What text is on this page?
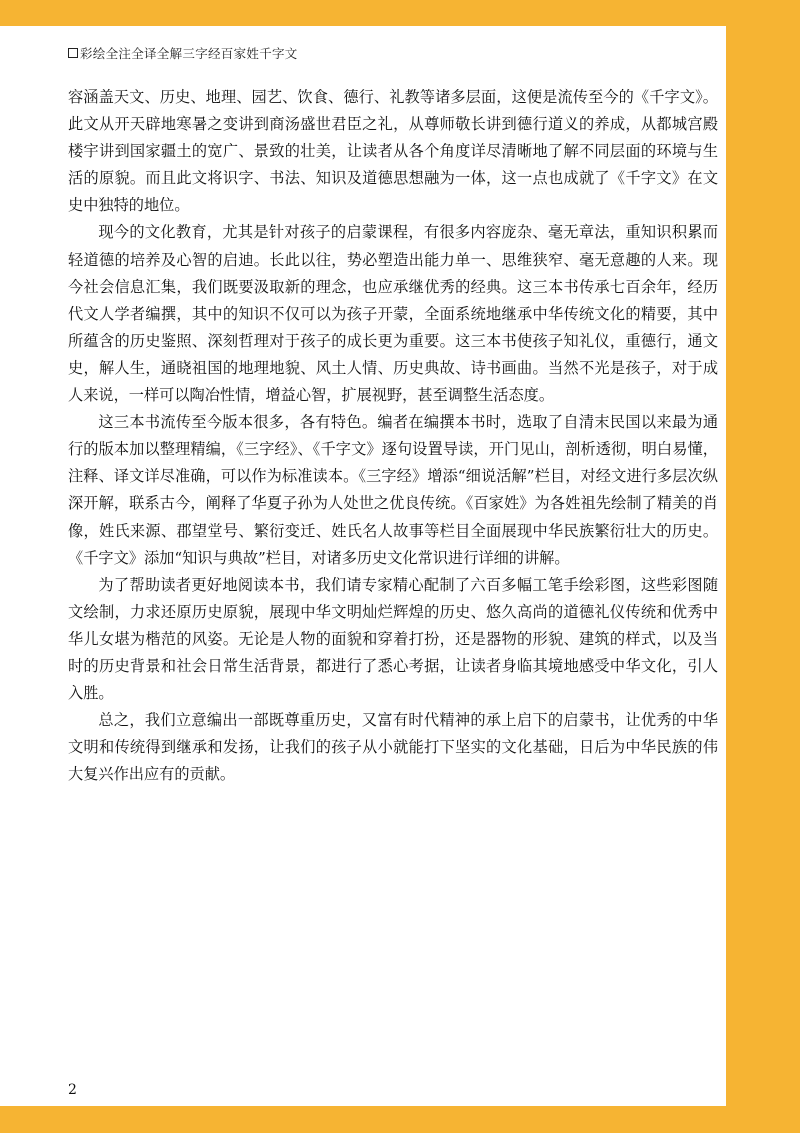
彩绘全注全译全解三字经百家姓千字文

容涵盖天文、历史、地理、园艺、饮食、德行、礼教等诸多层面，这便是流传至今的《千字文》。此文从开天辟地寒暑之变讲到商汤盛世君臣之礼，从尊师敬长讲到德行道义的养成，从都城宫殿楼宇讲到国家疆土的宽广、景致的壮美，让读者从各个角度详尽清晰地了解不同层面的环境与生活的原貌。而且此文将识字、书法、知识及道德思想融为一体，这一点也成就了《千字文》在文史中独特的地位。

现今的文化教育，尤其是针对孩子的启蒙课程，有很多内容庞杂、毫无章法，重知识积累而轻道德的培养及心智的启迪。长此以往，势必塑造出能力单一、思维狭窄、毫无意趣的人来。现今社会信息汇集，我们既要汲取新的理念，也应承继优秀的经典。这三本书传承七百余年，经历代文人学者编撰，其中的知识不仅可以为孩子开蒙，全面系统地继承中华传统文化的精要，其中所蕴含的历史鉴照、深刻哲理对于孩子的成长更为重要。这三本书使孩子知礼仪，重德行，通文史，解人生，通晓祖国的地理地貌、风土人情、历史典故、诗书画曲。当然不光是孩子，对于成人来说，一样可以陶冶性情，增益心智，扩展视野，甚至调整生活态度。

这三本书流传至今版本很多，各有特色。编者在编撰本书时，选取了自清末民国以来最为通行的版本加以整理精编，《三字经》、《千字文》逐句设置导读，开门见山，剖析透彻，明白易懂，注释、译文详尽准确，可以作为标准读本。《三字经》增添“细说活解”栏目，对经文进行多层次纵深开解，联系古今，阐释了华夏子孙为人处世之优良传统。《百家姓》为各姓祖先绘制了精美的肖像，姓氏来源、郡望堂号、繁衍变迁、姓氏名人故事等栏目全面展现中华民族繁衍壮大的历史。《千字文》添加“知识与典故”栏目，对诸多历史文化常识进行详细的讲解。

为了帮助读者更好地阅读本书，我们请专家精心配制了六百多幅工笔手绘彩图，这些彩图随文绘制，力求还原历史原貌，展现中华文明灿烂辉煌的历史、悠久高尚的道德礼仪传统和优秀中华儿女堪为楷范的风姿。无论是人物的面貌和穿着打扮，还是器物的形貌、建筑的样式，以及当时的历史背景和社会日常生活背景，都进行了悉心考据，让读者身临其境地感受中华文化，引人入胜。

总之，我们立意编出一部既尊重历史，又富有时代精神的承上启下的启蒙书，让优秀的中华文明和传统得到继承和发扬，让我们的孩子从小就能打下坚实的文化基础，日后为中华民族的伟大复兴作出应有的贡献。

2
